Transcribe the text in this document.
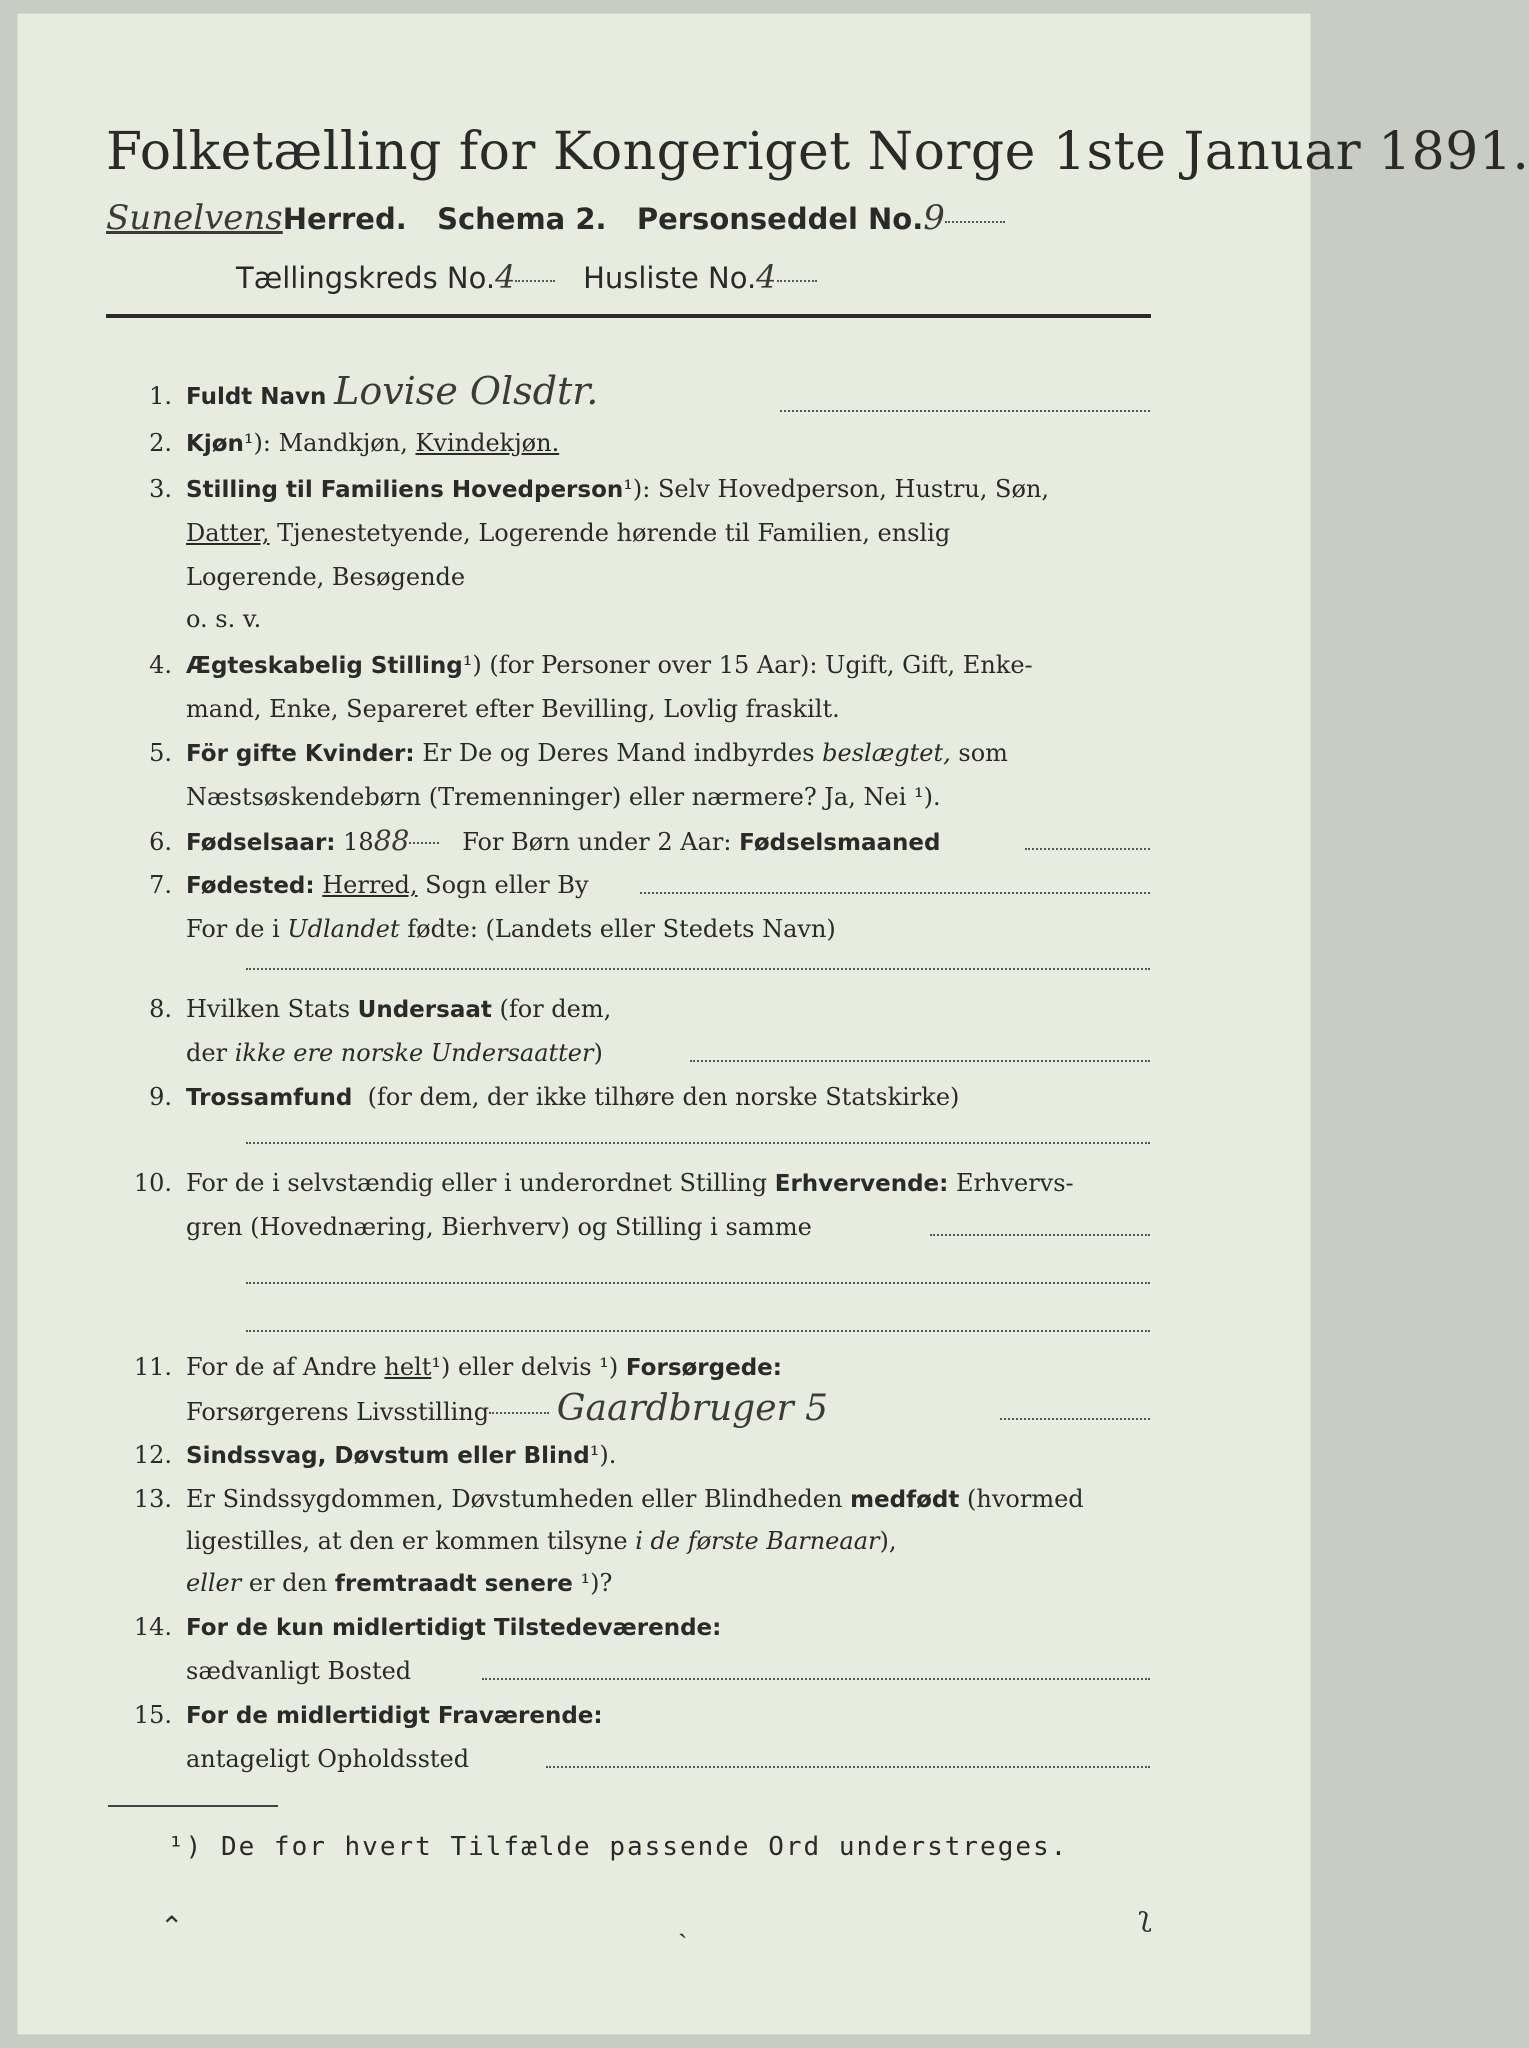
Folketælling for Kongeriget Norge 1ste Januar 1891.
SunelvensHerred. Schema 2. Personseddel No.9
Tællingskreds No.4 Husliste No.4
1. Fuldt Navn Lovise Olsdtr.
2. Kjøn¹): Mandkjøn, Kvindekjøn.
3. Stilling til Familiens Hovedperson¹): Selv Hovedperson, Hustru, Søn,
Datter, Tjenestetyende, Logerende hørende til Familien, enslig
Logerende, Besøgende
o. s. v.
4. Ægteskabelig Stilling¹) (for Personer over 15 Aar): Ugift, Gift, Enke-
mand, Enke, Separeret efter Bevilling, Lovlig fraskilt.
5. För gifte Kvinder: Er De og Deres Mand indbyrdes beslægtet, som
Næstsøskendebørn (Tremenninger) eller nærmere? Ja, Nei ¹).
6. Fødselsaar: 1888 For Børn under 2 Aar: Fødselsmaaned
7. Fødested: Herred, Sogn eller By
For de i Udlandet fødte: (Landets eller Stedets Navn)
8. Hvilken Stats Undersaat (for dem,
der ikke ere norske Undersaatter)
9. Trossamfund (for dem, der ikke tilhøre den norske Statskirke)
10. For de i selvstændig eller i underordnet Stilling Erhvervende: Erhvervs-
gren (Hovednæring, Bierhverv) og Stilling i samme
11. For de af Andre helt¹) eller delvis ¹) Forsørgede:
Forsørgerens Livsstilling Gaardbruger 5
12. Sindssvag, Døvstum eller Blind¹).
13. Er Sindssygdommen, Døvstumheden eller Blindheden medfødt (hvormed
ligestilles, at den er kommen tilsyne i de første Barneaar),
eller er den fremtraadt senere ¹)?
14. For de kun midlertidigt Tilstedeværende:
sædvanligt Bosted
15. For de midlertidigt Fraværende:
antageligt Opholdssted
¹) De for hvert Tilfælde passende Ord understreges.
⌃	ˎ	ʅ
